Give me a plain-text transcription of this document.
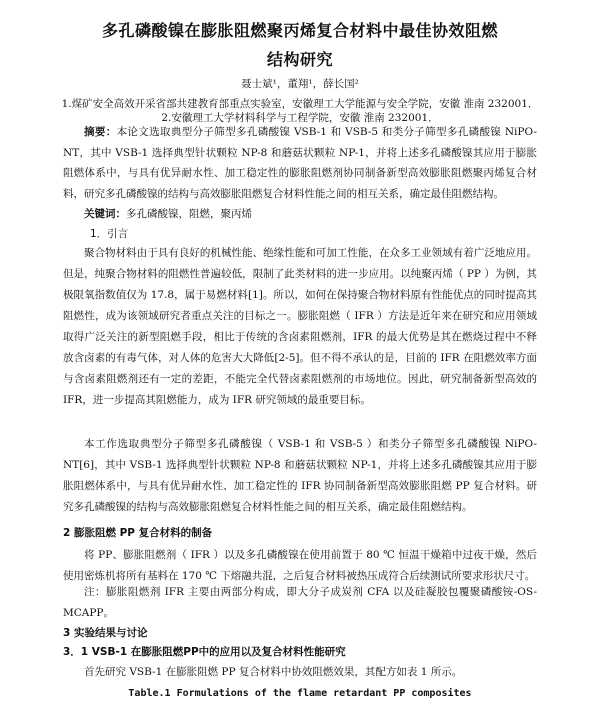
多孔磷酸镍在膨胀阻燃聚丙烯复合材料中最佳协效阻燃
结构研究
聂士斌¹，董翔¹，薛长国²
1.煤矿安全高效开采省部共建教育部重点实验室，安徽理工大学能源与安全学院，安徽 淮南 232001．
2.安徽理工大学材料科学与工程学院，安徽 淮南 232001．

摘要：本论文选取典型分子筛型多孔磷酸镍 VSB-1 和 VSB-5 和类分子筛型多孔磷酸镍 NiPO-NT，其中 VSB-1 选择典型针状颗粒 NP-8 和蘑菇状颗粒 NP-1，并将上述多孔磷酸镍其应用于膨胀阻燃体系中，与具有优异耐水性、加工稳定性的膨胀阻燃剂协同制备新型高效膨胀阻燃聚丙烯复合材料，研究多孔磷酸镍的结构与高效膨胀阻燃复合材料性能之间的相互关系，确定最佳阻燃结构。

关键词：多孔磷酸镍，阻燃，聚丙烯

1．引言

聚合物材料由于具有良好的机械性能、绝缘性能和可加工性能，在众多工业领域有着广泛地应用。但是，纯聚合物材料的阻燃性普遍较低，限制了此类材料的进一步应用。以纯聚丙烯（ PP ）为例，其极限氧指数值仅为 17.8，属于易燃材料[1]。所以，如何在保持聚合物材料原有性能优点的同时提高其阻燃性，成为该领域研究者重点关注的目标之一。膨胀阻燃（ IFR ）方法是近年来在研究和应用领域取得广泛关注的新型阻燃手段，相比于传统的含卤素阻燃剂，IFR 的最大优势是其在燃烧过程中不释放含卤素的有毒气体，对人体的危害大大降低[2-5]。但不得不承认的是，目前的 IFR 在阻燃效率方面与含卤素阻燃剂还有一定的差距，不能完全代替卤素阻燃剂的市场地位。因此，研究制备新型高效的 IFR，进一步提高其阻燃能力，成为 IFR 研究领域的最重要目标。

本工作选取典型分子筛型多孔磷酸镍（ VSB-1 和 VSB-5 ）和类分子筛型多孔磷酸镍 NiPO-NT[6]，其中 VSB-1 选择典型针状颗粒 NP-8 和蘑菇状颗粒 NP-1，并将上述多孔磷酸镍其应用于膨胀阻燃体系中，与具有优异耐水性、加工稳定性的 IFR 协同制备新型高效膨胀阻燃 PP 复合材料。研究多孔磷酸镍的结构与高效膨胀阻燃复合材料性能之间的相互关系，确定最佳阻燃结构。

2 膨胀阻燃 PP 复合材料的制备

将 PP、膨胀阻燃剂（ IFR ）以及多孔磷酸镍在使用前置于 80 ℃ 恒温干燥箱中过夜干燥，然后使用密炼机将所有基料在 170 ℃ 下熔融共混，之后复合材料被热压成符合后续测试所要求形状尺寸。

注：膨胀阻燃剂 IFR 主要由两部分构成，即大分子成炭剂 CFA 以及硅凝胶包覆聚磷酸铵-OS-MCAPP。

3 实验结果与讨论
3．1 VSB-1 在膨胀阻燃PP中的应用以及复合材料性能研究

首先研究 VSB-1 在膨胀阻燃 PP 复合材料中协效阻燃效果，其配方如表 1 所示。

Table.1 Formulations of the flame retardant PP composites
